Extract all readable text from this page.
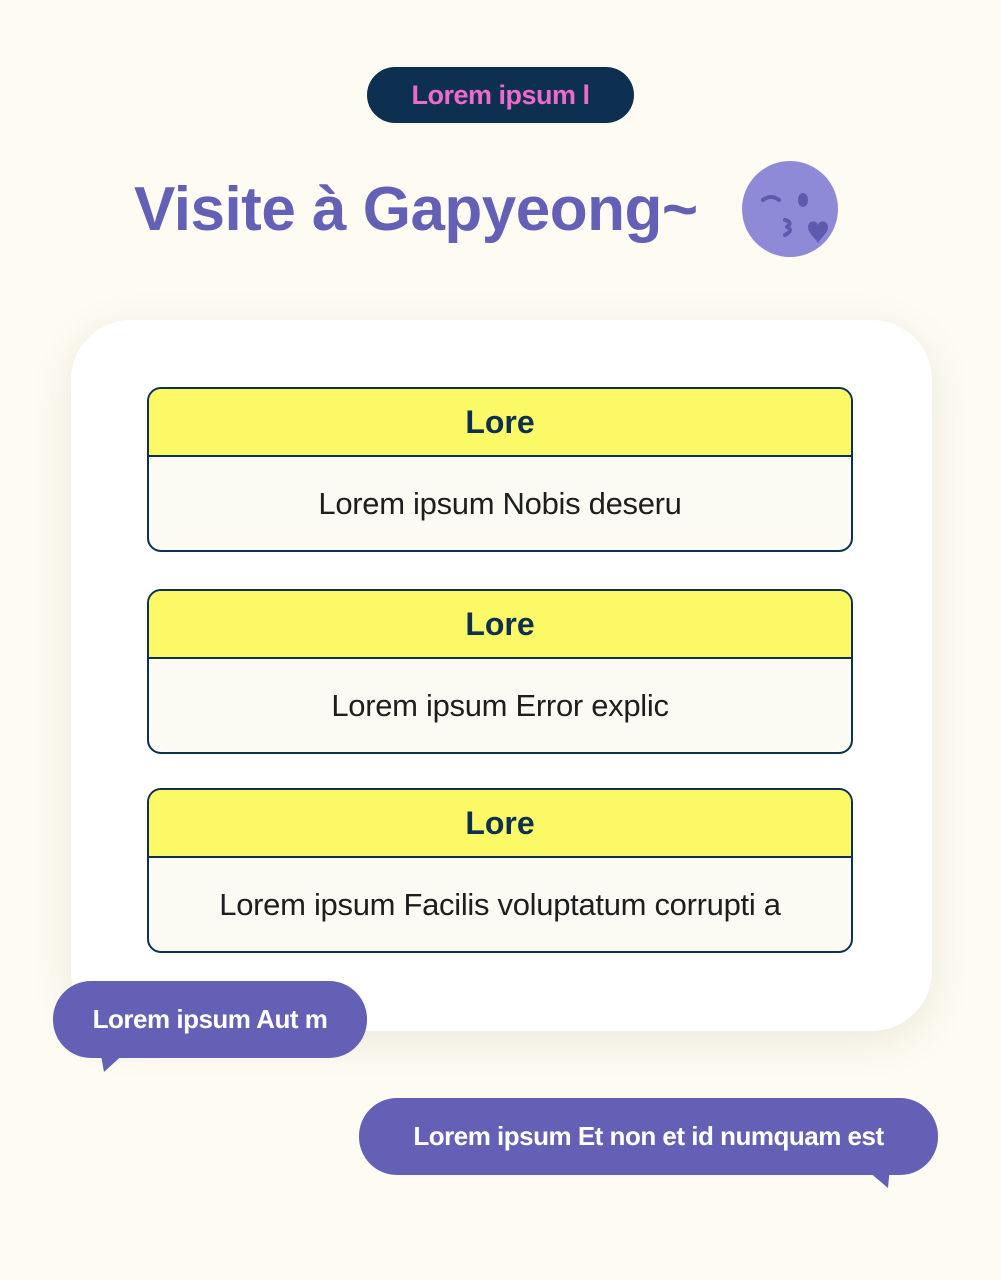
Lorem ipsum l
Visite à Gapyeong~
Lore
Lorem ipsum Nobis deseru
Lore
Lorem ipsum Error explic
Lore
Lorem ipsum Facilis voluptatum corrupti a
Lorem ipsum Aut m
Lorem ipsum Et non et id numquam est
